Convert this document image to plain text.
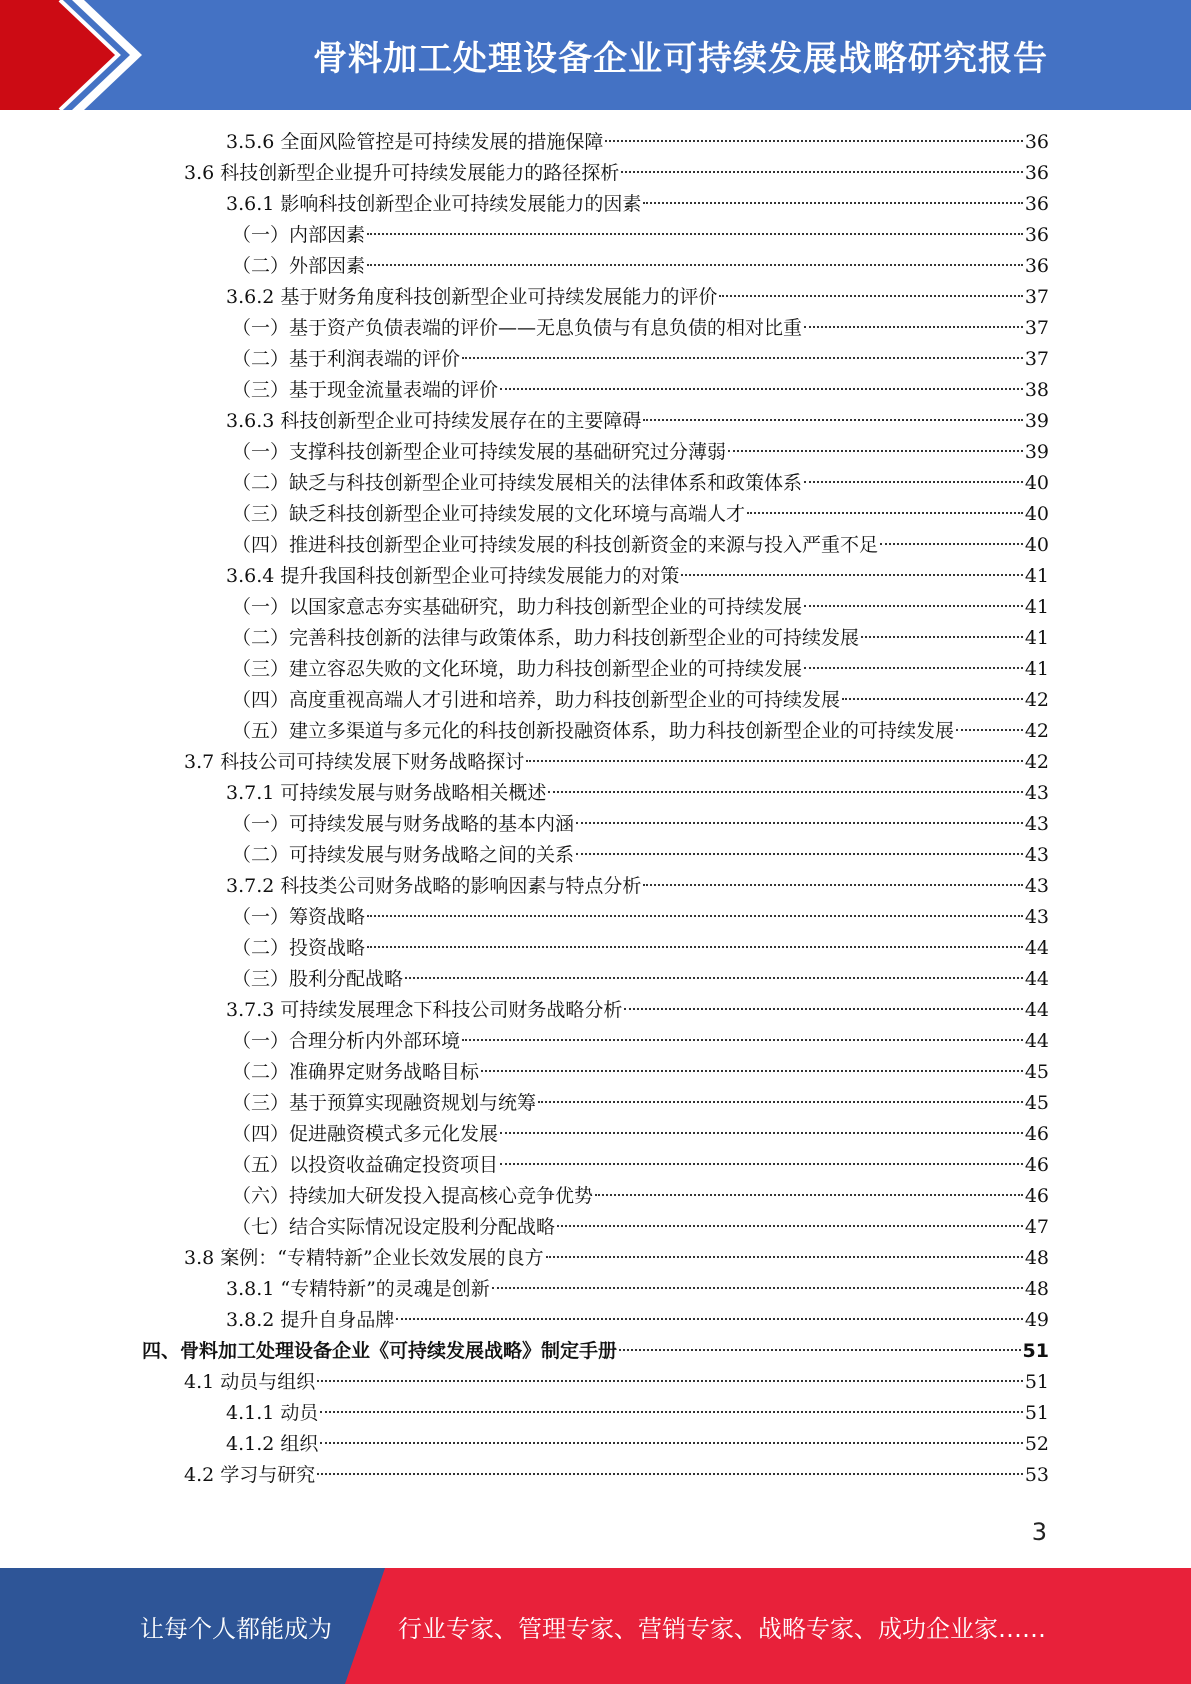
骨料加工处理设备企业可持续发展战略研究报告
3.5.6 全面风险管控是可持续发展的措施保障	36
3.6 科技创新型企业提升可持续发展能力的路径探析	36
3.6.1 影响科技创新型企业可持续发展能力的因素	36
（一）内部因素	36
（二）外部因素	36
3.6.2 基于财务角度科技创新型企业可持续发展能力的评价	37
（一）基于资产负债表端的评价——无息负债与有息负债的相对比重	37
（二）基于利润表端的评价	37
（三）基于现金流量表端的评价	38
3.6.3 科技创新型企业可持续发展存在的主要障碍	39
（一）支撑科技创新型企业可持续发展的基础研究过分薄弱	39
（二）缺乏与科技创新型企业可持续发展相关的法律体系和政策体系	40
（三）缺乏科技创新型企业可持续发展的文化环境与高端人才	40
（四）推进科技创新型企业可持续发展的科技创新资金的来源与投入严重不足	40
3.6.4 提升我国科技创新型企业可持续发展能力的对策	41
（一）以国家意志夯实基础研究，助力科技创新型企业的可持续发展	41
（二）完善科技创新的法律与政策体系，助力科技创新型企业的可持续发展	41
（三）建立容忍失败的文化环境，助力科技创新型企业的可持续发展	41
（四）高度重视高端人才引进和培养，助力科技创新型企业的可持续发展	42
（五）建立多渠道与多元化的科技创新投融资体系，助力科技创新型企业的可持续发展	42
3.7 科技公司可持续发展下财务战略探讨	42
3.7.1 可持续发展与财务战略相关概述	43
（一）可持续发展与财务战略的基本内涵	43
（二）可持续发展与财务战略之间的关系	43
3.7.2 科技类公司财务战略的影响因素与特点分析	43
（一）筹资战略	43
（二）投资战略	44
（三）股利分配战略	44
3.7.3 可持续发展理念下科技公司财务战略分析	44
（一）合理分析内外部环境	44
（二）准确界定财务战略目标	45
（三）基于预算实现融资规划与统筹	45
（四）促进融资模式多元化发展	46
（五）以投资收益确定投资项目	46
（六）持续加大研发投入提高核心竞争优势	46
（七）结合实际情况设定股利分配战略	47
3.8 案例：“专精特新”企业长效发展的良方	48
3.8.1 “专精特新”的灵魂是创新	48
3.8.2 提升自身品牌	49
四、骨料加工处理设备企业《可持续发展战略》制定手册	51
4.1 动员与组织	51
4.1.1 动员	51
4.1.2 组织	52
4.2 学习与研究	53
3
让每个人都能成为	行业专家、管理专家、营销专家、战略专家、成功企业家……
